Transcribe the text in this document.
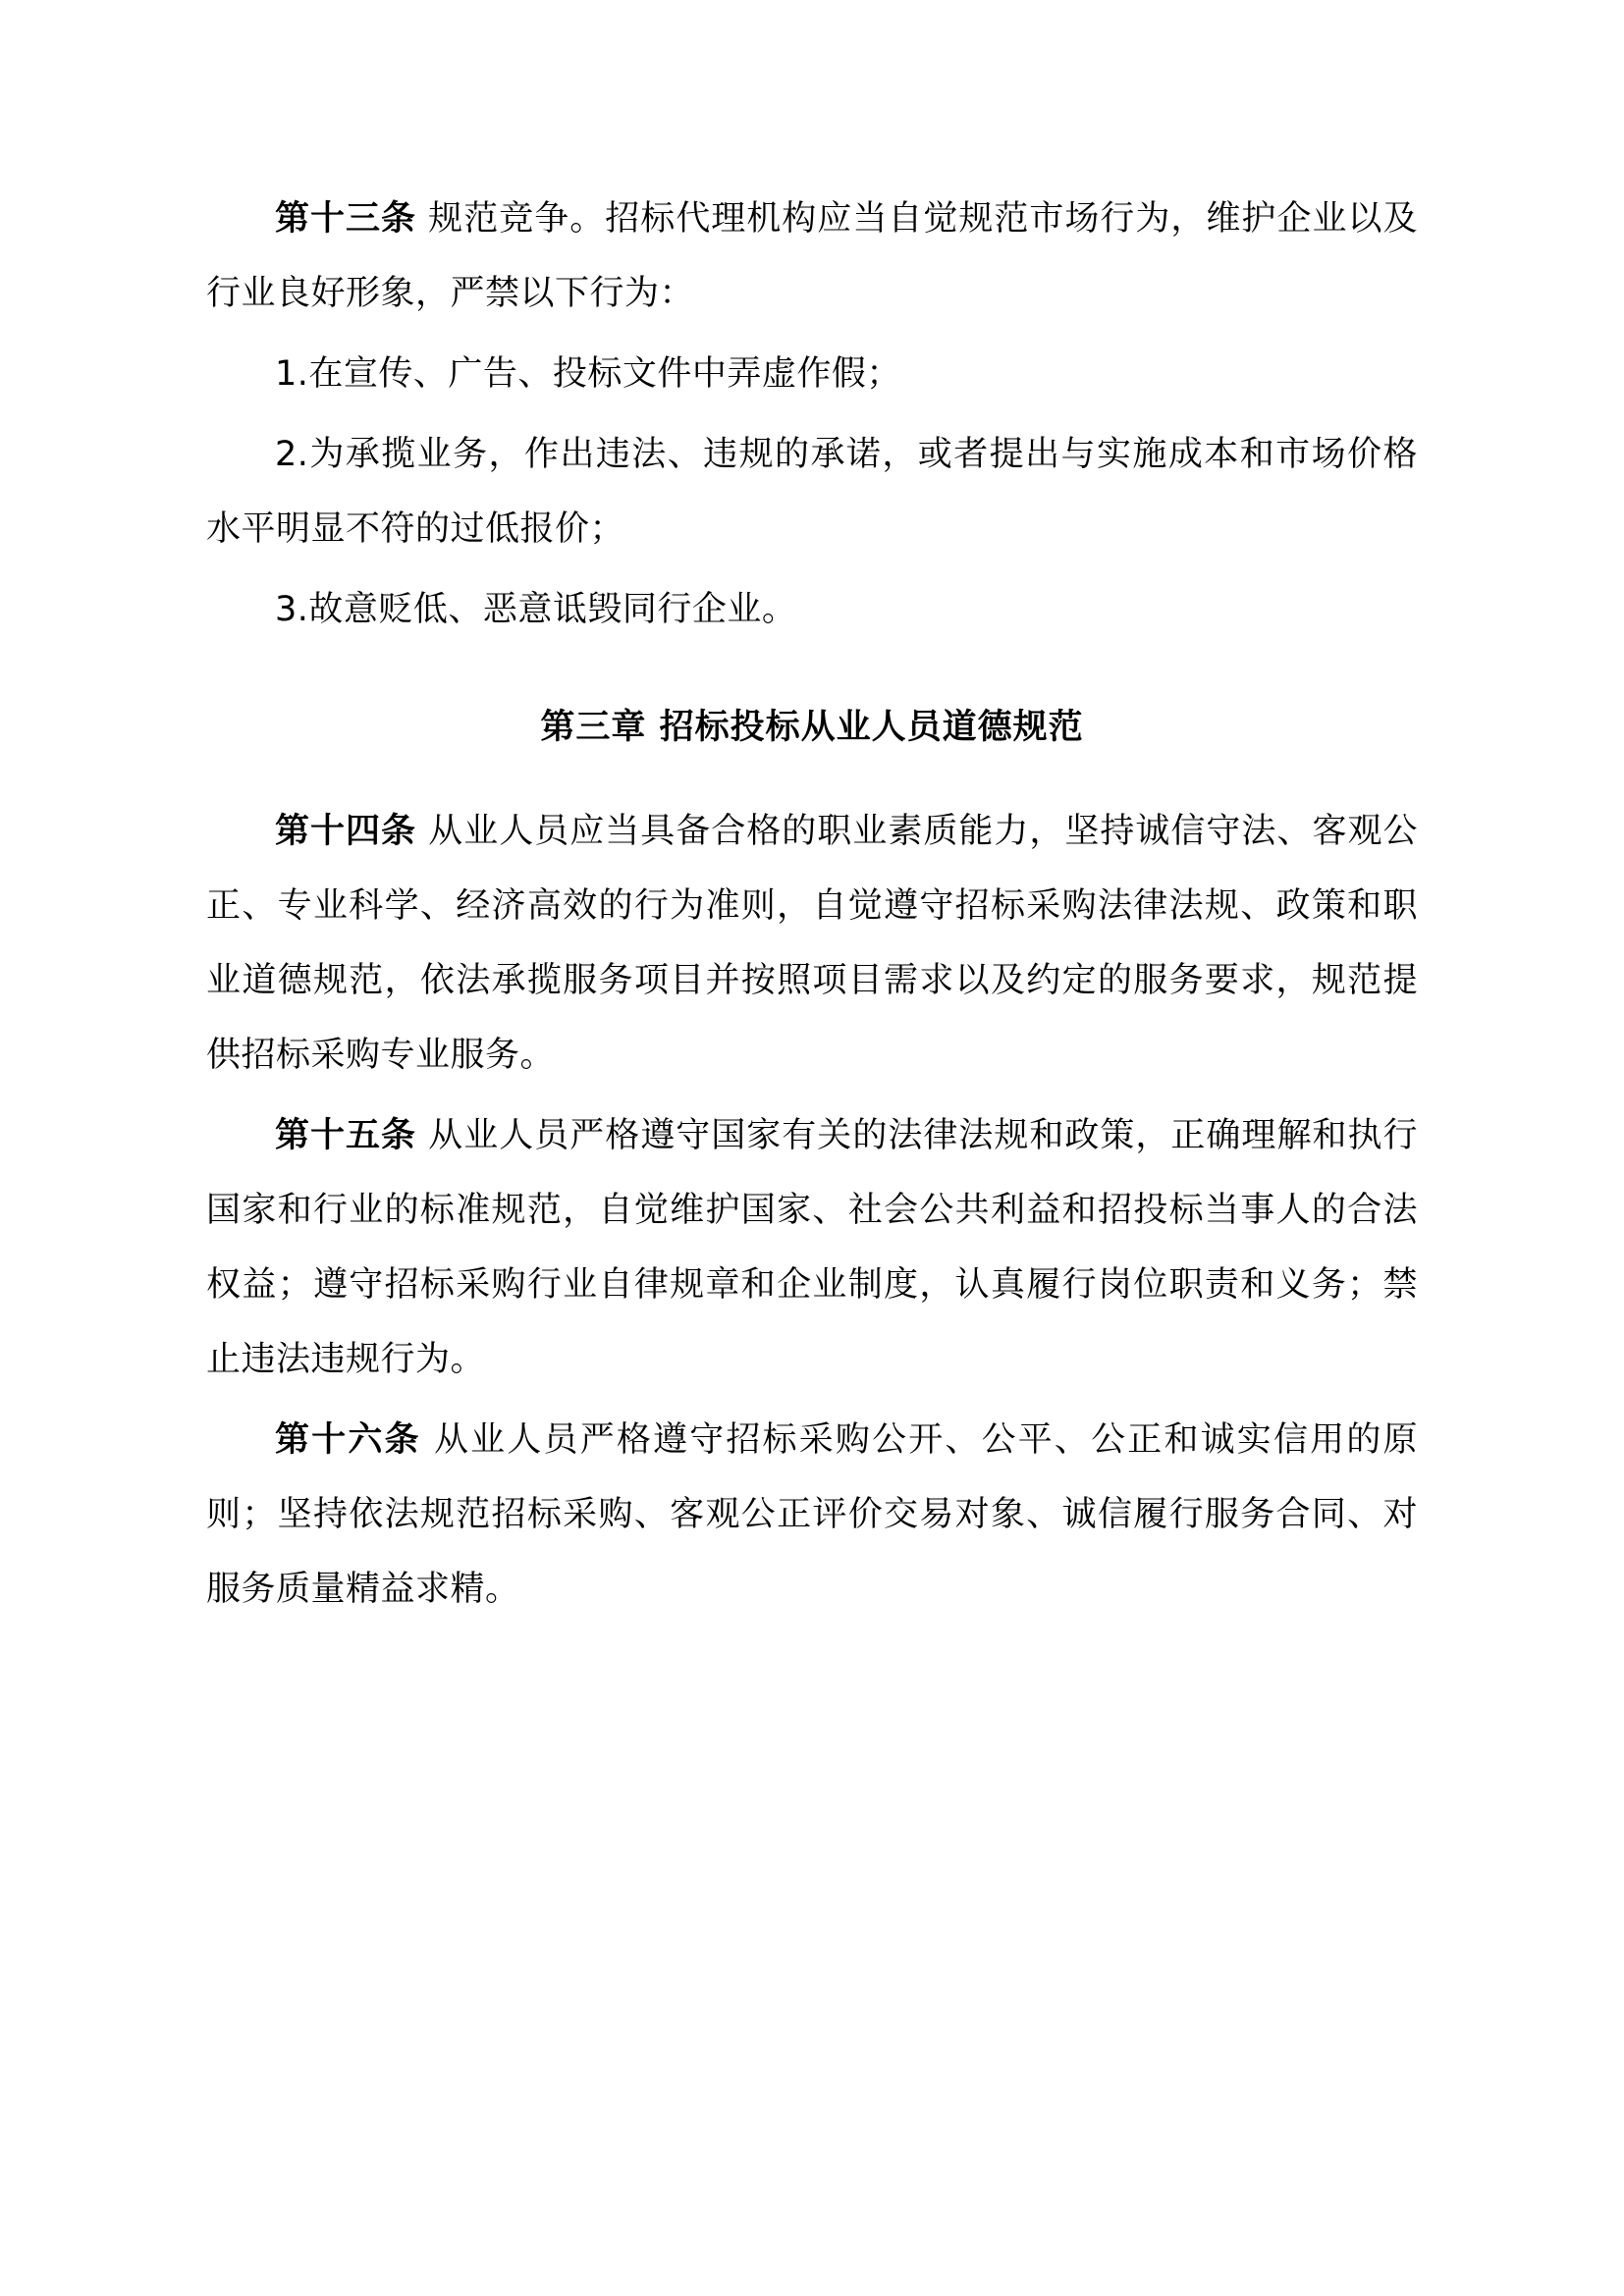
第十三条 规范竞争。招标代理机构应当自觉规范市场行为，维护企业以及行业良好形象，严禁以下行为：

1.在宣传、广告、投标文件中弄虚作假；

2.为承揽业务，作出违法、违规的承诺，或者提出与实施成本和市场价格水平明显不符的过低报价；

3.故意贬低、恶意诋毁同行企业。

第三章 招标投标从业人员道德规范

第十四条 从业人员应当具备合格的职业素质能力，坚持诚信守法、客观公正、专业科学、经济高效的行为准则，自觉遵守招标采购法律法规、政策和职业道德规范，依法承揽服务项目并按照项目需求以及约定的服务要求，规范提供招标采购专业服务。

第十五条 从业人员严格遵守国家有关的法律法规和政策，正确理解和执行国家和行业的标准规范，自觉维护国家、社会公共利益和招投标当事人的合法权益；遵守招标采购行业自律规章和企业制度，认真履行岗位职责和义务；禁止违法违规行为。

第十六条 从业人员严格遵守招标采购公开、公平、公正和诚实信用的原则；坚持依法规范招标采购、客观公正评价交易对象、诚信履行服务合同、对服务质量精益求精。
